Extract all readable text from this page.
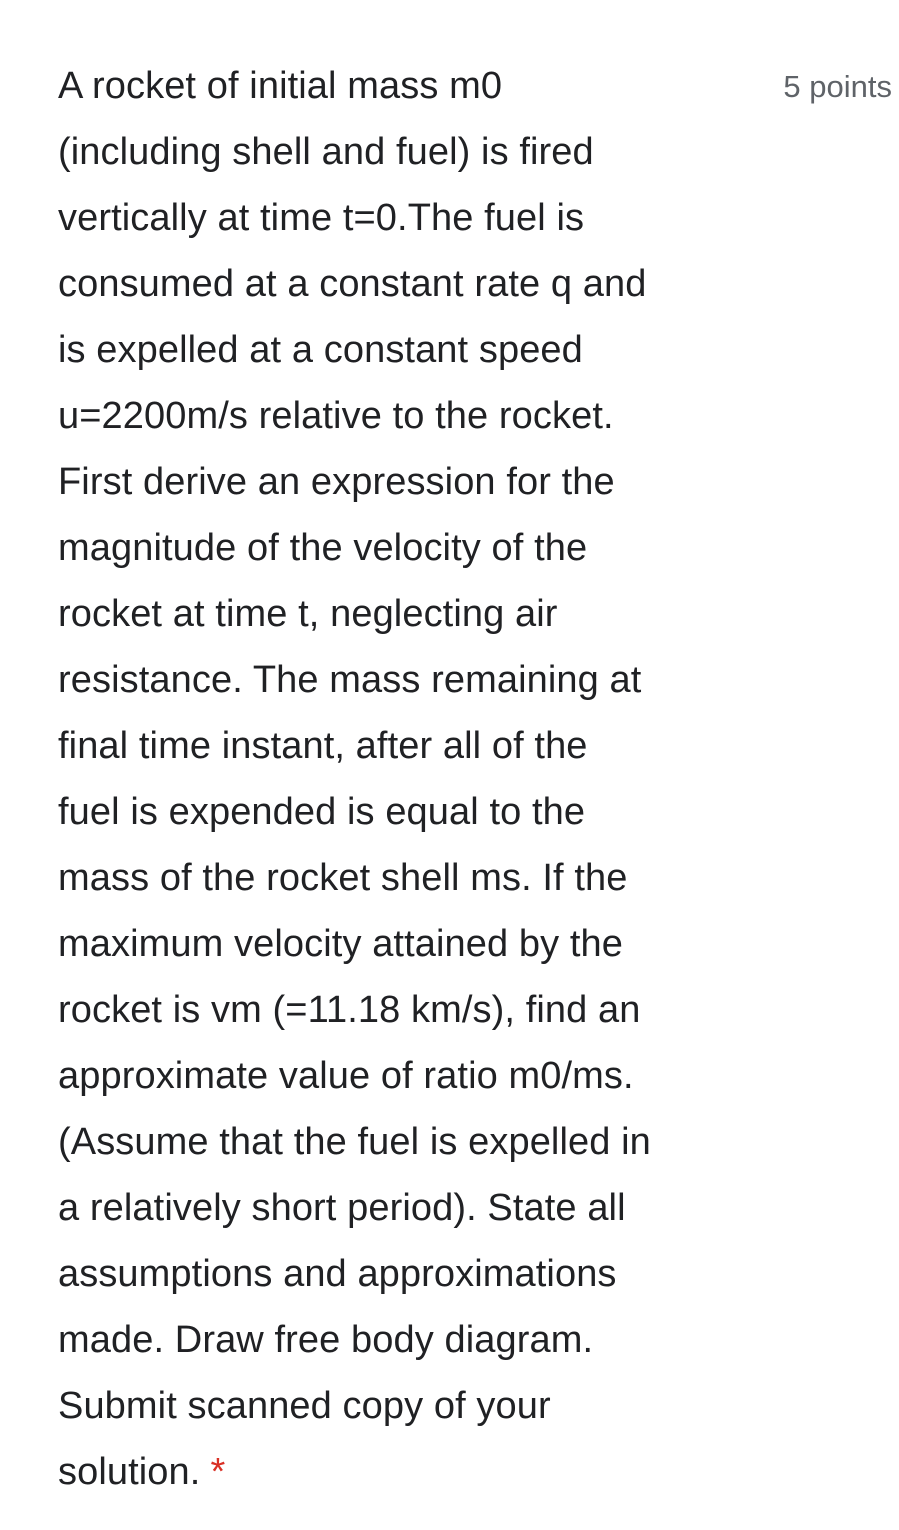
A rocket of initial mass m0
(including shell and fuel) is fired
vertically at time t=0.The fuel is
consumed at a constant rate q and
is expelled at a constant speed
u=2200m/s relative to the rocket.
First derive an expression for the
magnitude of the velocity of the
rocket at time t, neglecting air
resistance. The mass remaining at
final time instant, after all of the
fuel is expended is equal to the
mass of the rocket shell ms. If the
maximum velocity attained by the
rocket is vm (=11.18 km/s), find an
approximate value of ratio m0/ms.
(Assume that the fuel is expelled in
a relatively short period). State all
assumptions and approximations
made. Draw free body diagram.
Submit scanned copy of your
solution. *
5 points
